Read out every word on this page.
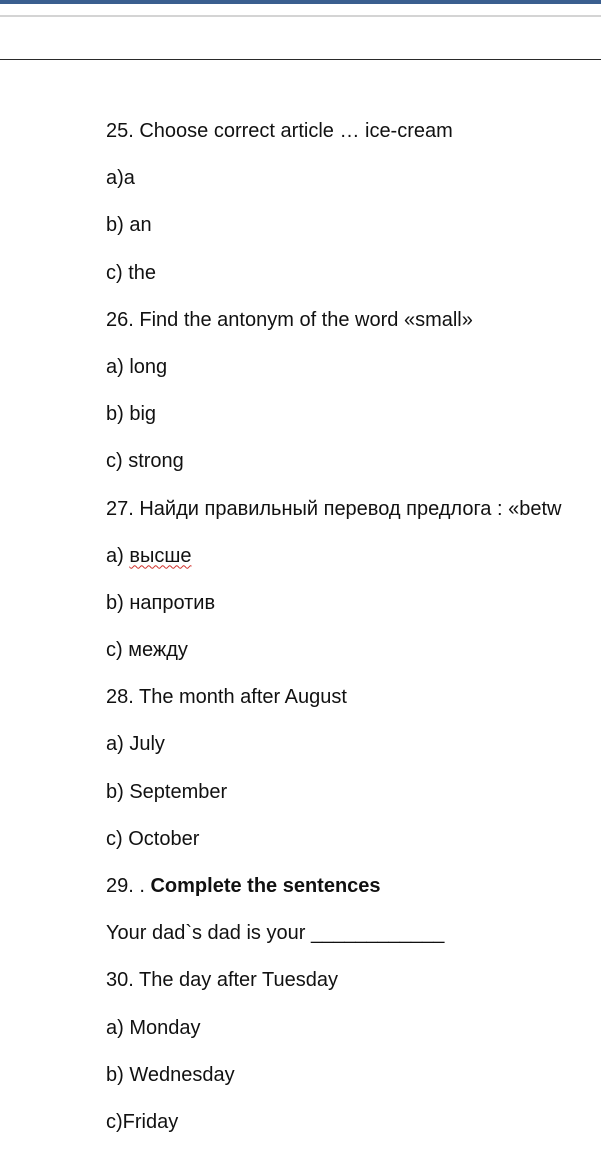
25. Choose correct article … ice-cream
a)a
b) an
c) the
26. Find the antonym of the word «small»
a) long
b) big
c) strong
27. Найди правильный перевод предлога : «betw
a) высше
b) напротив
c) между
28. The month after August
a) July
b) September
c) October
29. . Complete the sentences
Your dad`s dad is your ____________
30. The day after Tuesday
a) Monday
b) Wednesday
c)Friday
